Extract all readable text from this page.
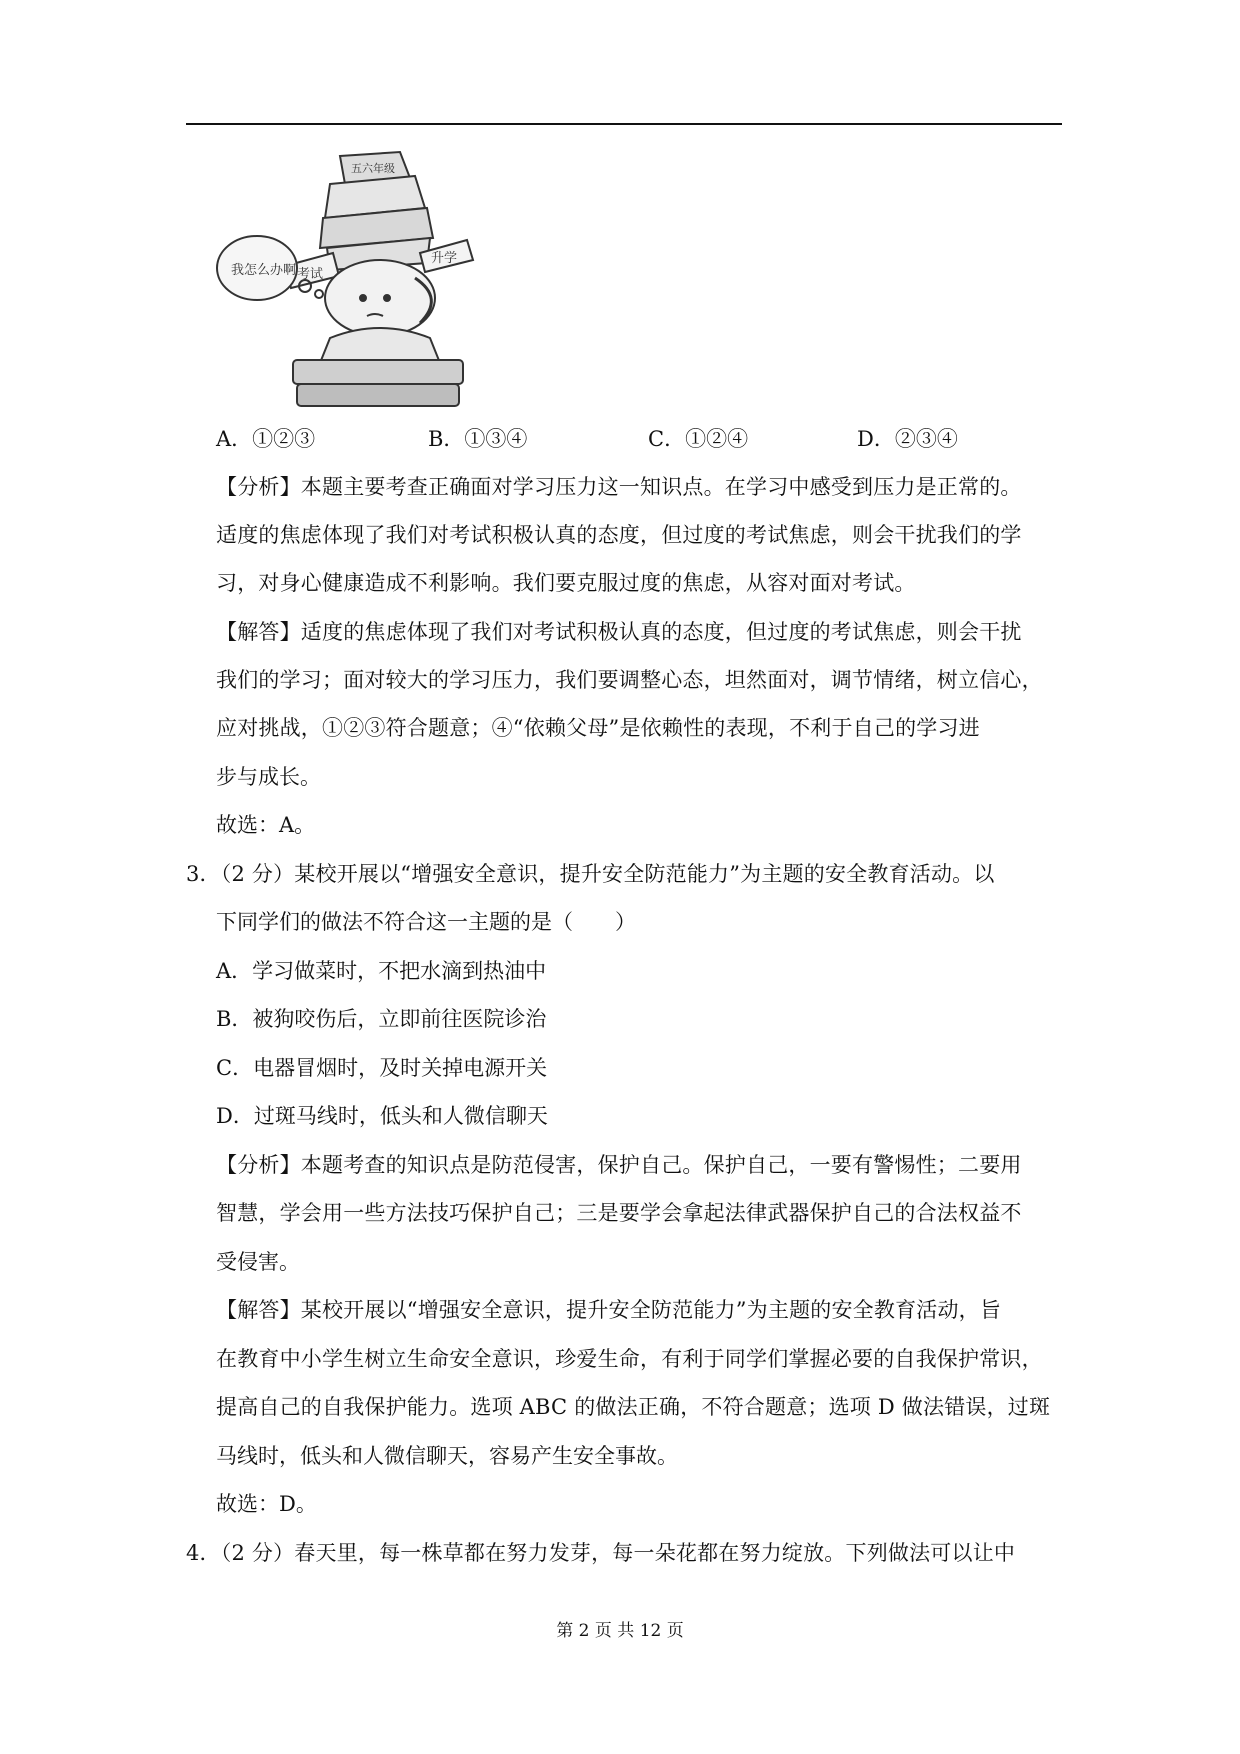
我怎么办啊 考试
升学
五六年级
A．①②③	B．①③④	C．①②④	D．②③④
【分析】本题主要考查正确面对学习压力这一知识点。在学习中感受到压力是正常的。
适度的焦虑体现了我们对考试积极认真的态度，但过度的考试焦虑，则会干扰我们的学
习，对身心健康造成不利影响。我们要克服过度的焦虑，从容对面对考试。
【解答】适度的焦虑体现了我们对考试积极认真的态度，但过度的考试焦虑，则会干扰
我们的学习；面对较大的学习压力，我们要调整心态，坦然面对，调节情绪，树立信心，
应对挑战，①②③符合题意；④“依赖父母”是依赖性的表现，不利于自己的学习进
步与成长。
故选：A。
3．（2 分）某校开展以“增强安全意识，提升安全防范能力”为主题的安全教育活动。以
下同学们的做法不符合这一主题的是（　　）
A．学习做菜时，不把水滴到热油中
B．被狗咬伤后，立即前往医院诊治
C．电器冒烟时，及时关掉电源开关
D．过斑马线时，低头和人微信聊天
【分析】本题考查的知识点是防范侵害，保护自己。保护自己，一要有警惕性；二要用
智慧，学会用一些方法技巧保护自己；三是要学会拿起法律武器保护自己的合法权益不
受侵害。
【解答】某校开展以“增强安全意识，提升安全防范能力”为主题的安全教育活动，旨
在教育中小学生树立生命安全意识，珍爱生命，有利于同学们掌握必要的自我保护常识，
提高自己的自我保护能力。选项 ABC 的做法正确，不符合题意；选项 D 做法错误，过斑
马线时，低头和人微信聊天，容易产生安全事故。
故选：D。
4．（2 分）春天里，每一株草都在努力发芽，每一朵花都在努力绽放。下列做法可以让中
第 2 页 共 12 页
